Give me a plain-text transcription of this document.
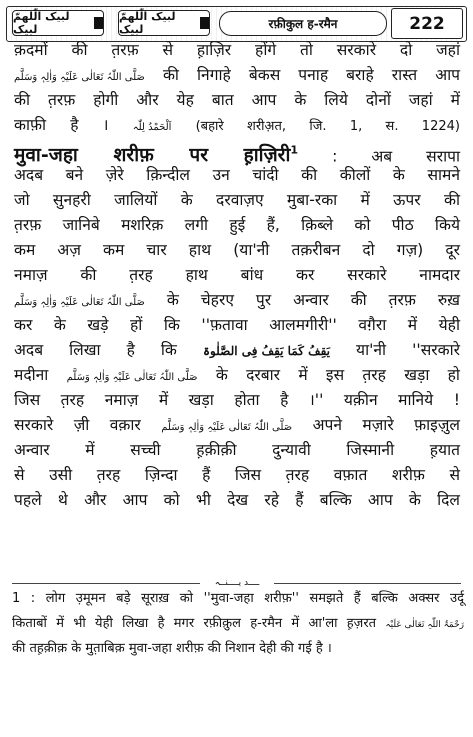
لبیک الّلھمّ لبیک
لبیک الّلھمّ لبیک	रफ़ीकुल ह-रमैन	222
क़दमों की त़रफ़ से ह़ाज़िर होंगे तो सरकारे दो जहां
صَلَّی اللّٰہُ تَعَالٰی عَلَیْہِ وَاٰلِہٖ وَسَلَّم की निगाहे बेकस पनाह बराहे रास्त आप
की त़रफ़ होगी और येह बात आप के लिये दोनों जहां में
काफ़ी है । اَلْحَمْدُ لِلّٰہ (बहारे शरीअ़त, जि. 1, स. 1224)
मुवा-जहा शरीफ़ पर ह़ाज़िरी$^1$ : अब सरापा
अदब बने ज़ेरे क़िन्दील उन चांदी की कीलों के सामने
जो सुनहरी जालियों के दरवाज़ए मुबा-रका में ऊपर की
त़रफ़ जानिबे मशरिक़ लगी हुई हैं, क़िब्ले को पीठ किये
कम अज़ कम चार हाथ (या'नी तक़रीबन दो गज़) दूर
नमाज़ की त़रह हाथ बांध कर सरकारे नामदार
صَلَّی اللّٰہُ تَعَالٰی عَلَیْہِ وَاٰلِہٖ وَسَلَّم के चेहरए पुर अन्वार की त़रफ़ रुख़
कर के खड़े हों कि ''फ़तावा आलमगीरी'' वग़ैरा में येही
अदब लिखा है कि یَقِفُ کَمَا یَقِفُ فِی الصَّلٰوۃ या'नी ''सरकारे
मदीना صَلَّی اللّٰہُ تَعَالٰی عَلَیْہِ وَاٰلِہٖ وَسَلَّم के दरबार में इस त़रह खड़ा हो
जिस त़रह नमाज़ में खड़ा होता है ।'' यक़ीन मानिये !
सरकारे ज़ी वक़ार صَلَّی اللّٰہُ تَعَالٰی عَلَیْہِ وَاٰلِہٖ وَسَلَّم अपने मज़ारे फ़ाइज़ुल
अन्वार में सच्ची ह़क़ीक़ी दुन्यावी जिस्मानी ह़यात
से उसी त़रह ज़िन्दा हैं जिस त़रह वफ़ात शरीफ़ से
पहले थे और आप को भी देख रहे हैं बल्कि आप के दिल
ــــد یــــنــہ
1 : लोग उ़मूमन बड़े सूराख़ को ''मुवा-जहा शरीफ़'' समझते हैं बल्कि अक्सर उर्दू
किताबों में भी येही लिखा है मगर रफ़ीक़ुल ह-रमैन में आ'ला ह़ज़रत رَحْمَۃُ اللّٰہِ تَعَالٰی عَلَیْہ
की तह़क़ीक़ के मुत़ाबिक़ मुवा-जहा शरीफ़ की निशान देही की गई है ।
